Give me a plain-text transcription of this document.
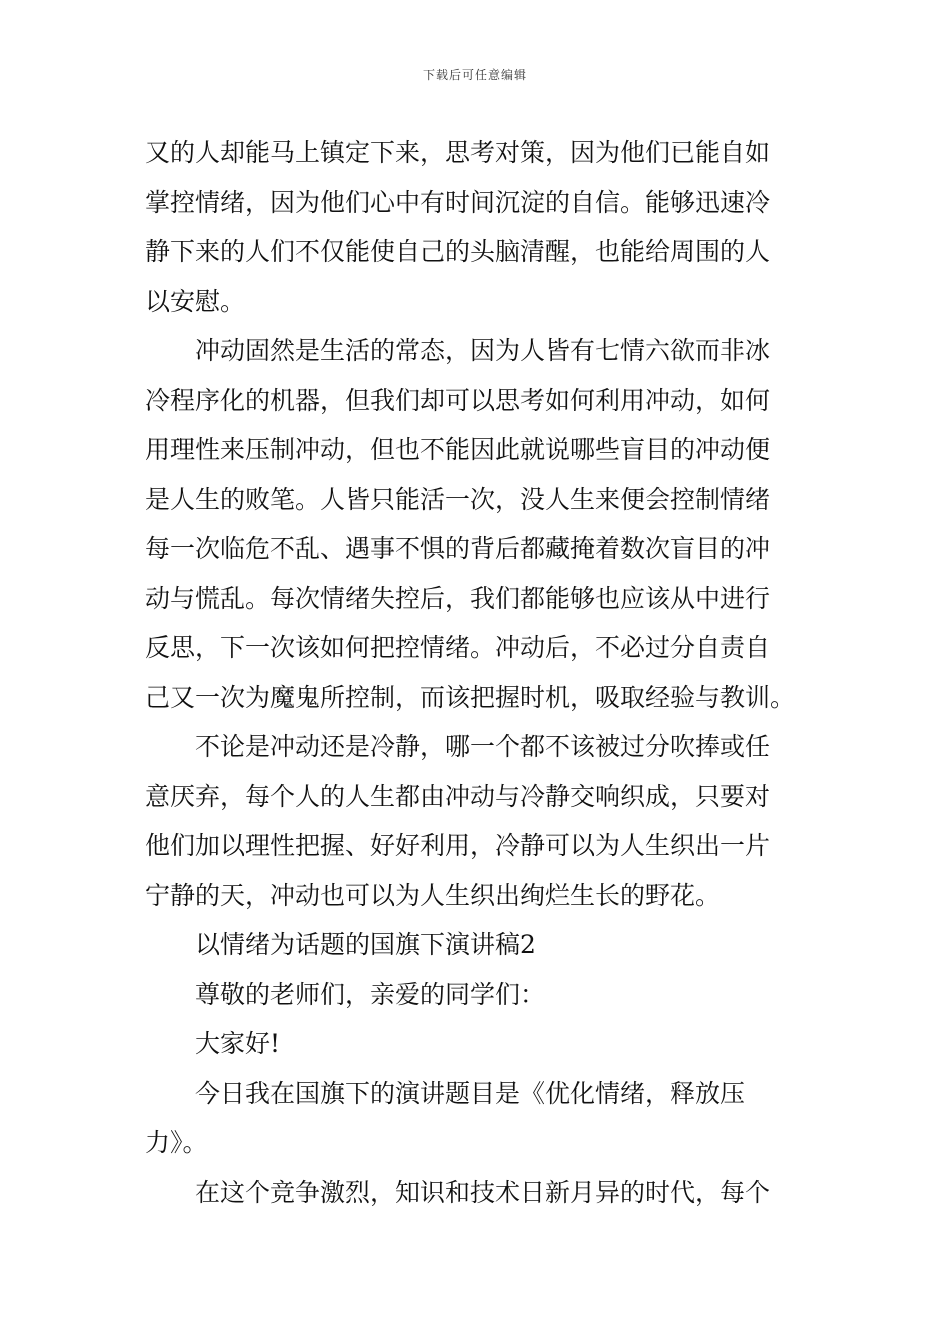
下载后可任意编辑
又的人却能马上镇定下来，思考对策，因为他们已能自如
掌控情绪，因为他们心中有时间沉淀的自信。能够迅速冷
静下来的人们不仅能使自己的头脑清醒，也能给周围的人
以安慰。
冲动固然是生活的常态，因为人皆有七情六欲而非冰
冷程序化的机器，但我们却可以思考如何利用冲动，如何
用理性来压制冲动，但也不能因此就说哪些盲目的冲动便
是人生的败笔。人皆只能活一次，没人生来便会控制情绪
每一次临危不乱、遇事不惧的背后都藏掩着数次盲目的冲
动与慌乱。每次情绪失控后，我们都能够也应该从中进行
反思，下一次该如何把控情绪。冲动后，不必过分自责自
己又一次为魔鬼所控制，而该把握时机，吸取经验与教训。
不论是冲动还是冷静，哪一个都不该被过分吹捧或任
意厌弃，每个人的人生都由冲动与冷静交响织成，只要对
他们加以理性把握、好好利用，冷静可以为人生织出一片
宁静的天，冲动也可以为人生织出绚烂生长的野花。
以情绪为话题的国旗下演讲稿2
尊敬的老师们，亲爱的同学们：
大家好!
今日我在国旗下的演讲题目是《优化情绪，释放压
力》。
在这个竞争激烈，知识和技术日新月异的时代，每个
